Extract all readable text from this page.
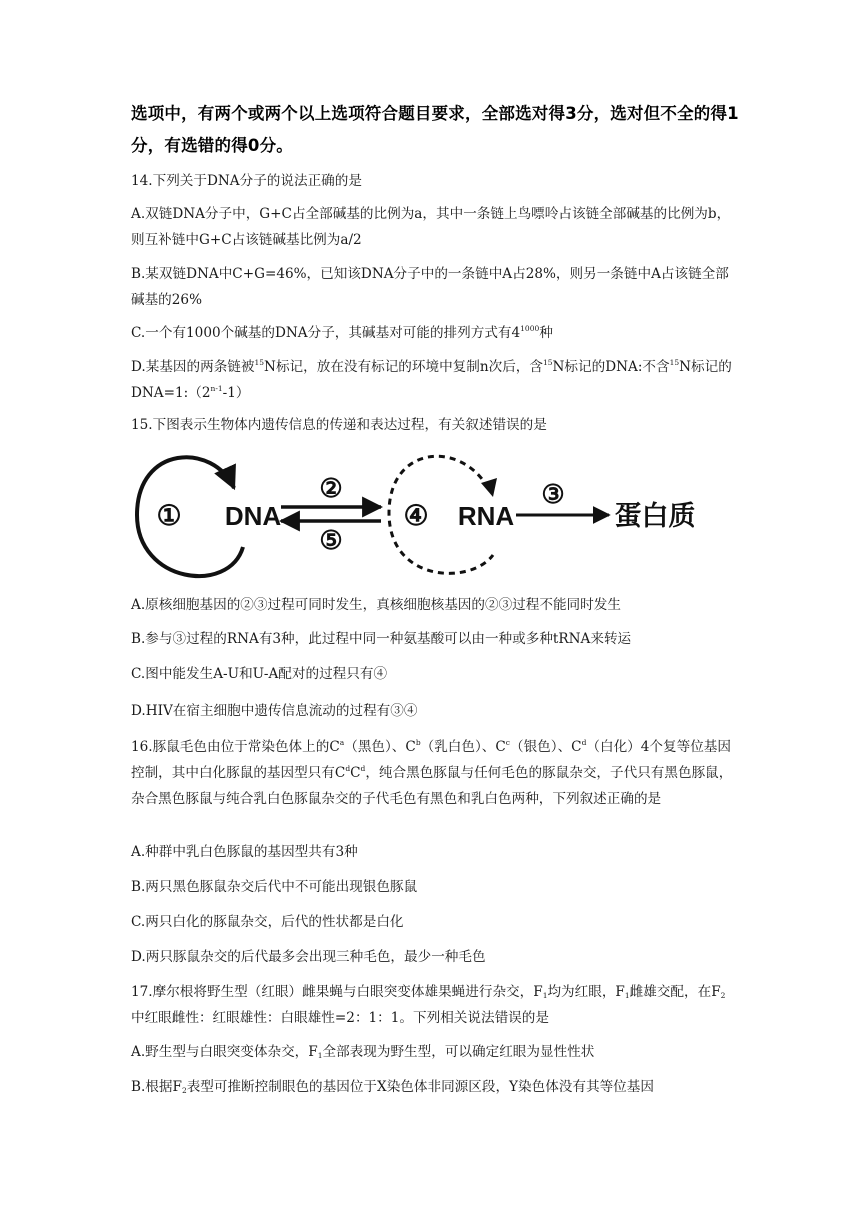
选项中，有两个或两个以上选项符合题目要求，全部选对得3分，选对但不全的得1分，有选错的得0分。
14.下列关于DNA分子的说法正确的是
A.双链DNA分子中，G+C占全部碱基的比例为a，其中一条链上鸟嘌呤占该链全部碱基的比例为b，则互补链中G+C占该链碱基比例为a/2
B.某双链DNA中C+G=46%，已知该DNA分子中的一条链中A占28%，则另一条链中A占该链全部碱基的26%
C.一个有1000个碱基的DNA分子，其碱基对可能的排列方式有$4^{1000}$种
D.某基因的两条链被$^{15}$N标记，放在没有标记的环境中复制n次后，含$^{15}$N标记的DNA:不含$^{15}$N标记的$DNA=1:(2^{n-1}-1)$
15.下图表示生物体内遗传信息的传递和表达过程，有关叙述错误的是
① DNA
②
⑤
④ RNA
③
蛋白质
A.原核细胞基因的②③过程可同时发生，真核细胞核基因的②③过程不能同时发生
B.参与③过程的RNA有3种，此过程中同一种氨基酸可以由一种或多种tRNA来转运
C.图中能发生A-U和U-A配对的过程只有④
D.HIV在宿主细胞中遗传信息流动的过程有③④
16.豚鼠毛色由位于常染色体上的$C^a$（黑色）、$C^b$（乳白色）、$C^c$（银色）、$C^d$（白化）4个复等位基因控制，其中白化豚鼠的基因型只有$C^dC^d$，纯合黑色豚鼠与任何毛色的豚鼠杂交，子代只有黑色豚鼠，杂合黑色豚鼠与纯合乳白色豚鼠杂交的子代毛色有黑色和乳白色两种，下列叙述正确的是
A.种群中乳白色豚鼠的基因型共有3种
B.两只黑色豚鼠杂交后代中不可能出现银色豚鼠
C.两只白化的豚鼠杂交，后代的性状都是白化
D.两只豚鼠杂交的后代最多会出现三种毛色，最少一种毛色
17.摩尔根将野生型（红眼）雌果蝇与白眼突变体雄果蝇进行杂交，$F_1$均为红眼，$F_1$雌雄交配，在$F_2$中红眼雌性：红眼雄性：白眼雄性=2：1：1。下列相关说法错误的是
A.野生型与白眼突变体杂交，$F_1$全部表现为野生型，可以确定红眼为显性性状
B.根据$F_2$表型可推断控制眼色的基因位于X染色体非同源区段，Y染色体没有其等位基因
